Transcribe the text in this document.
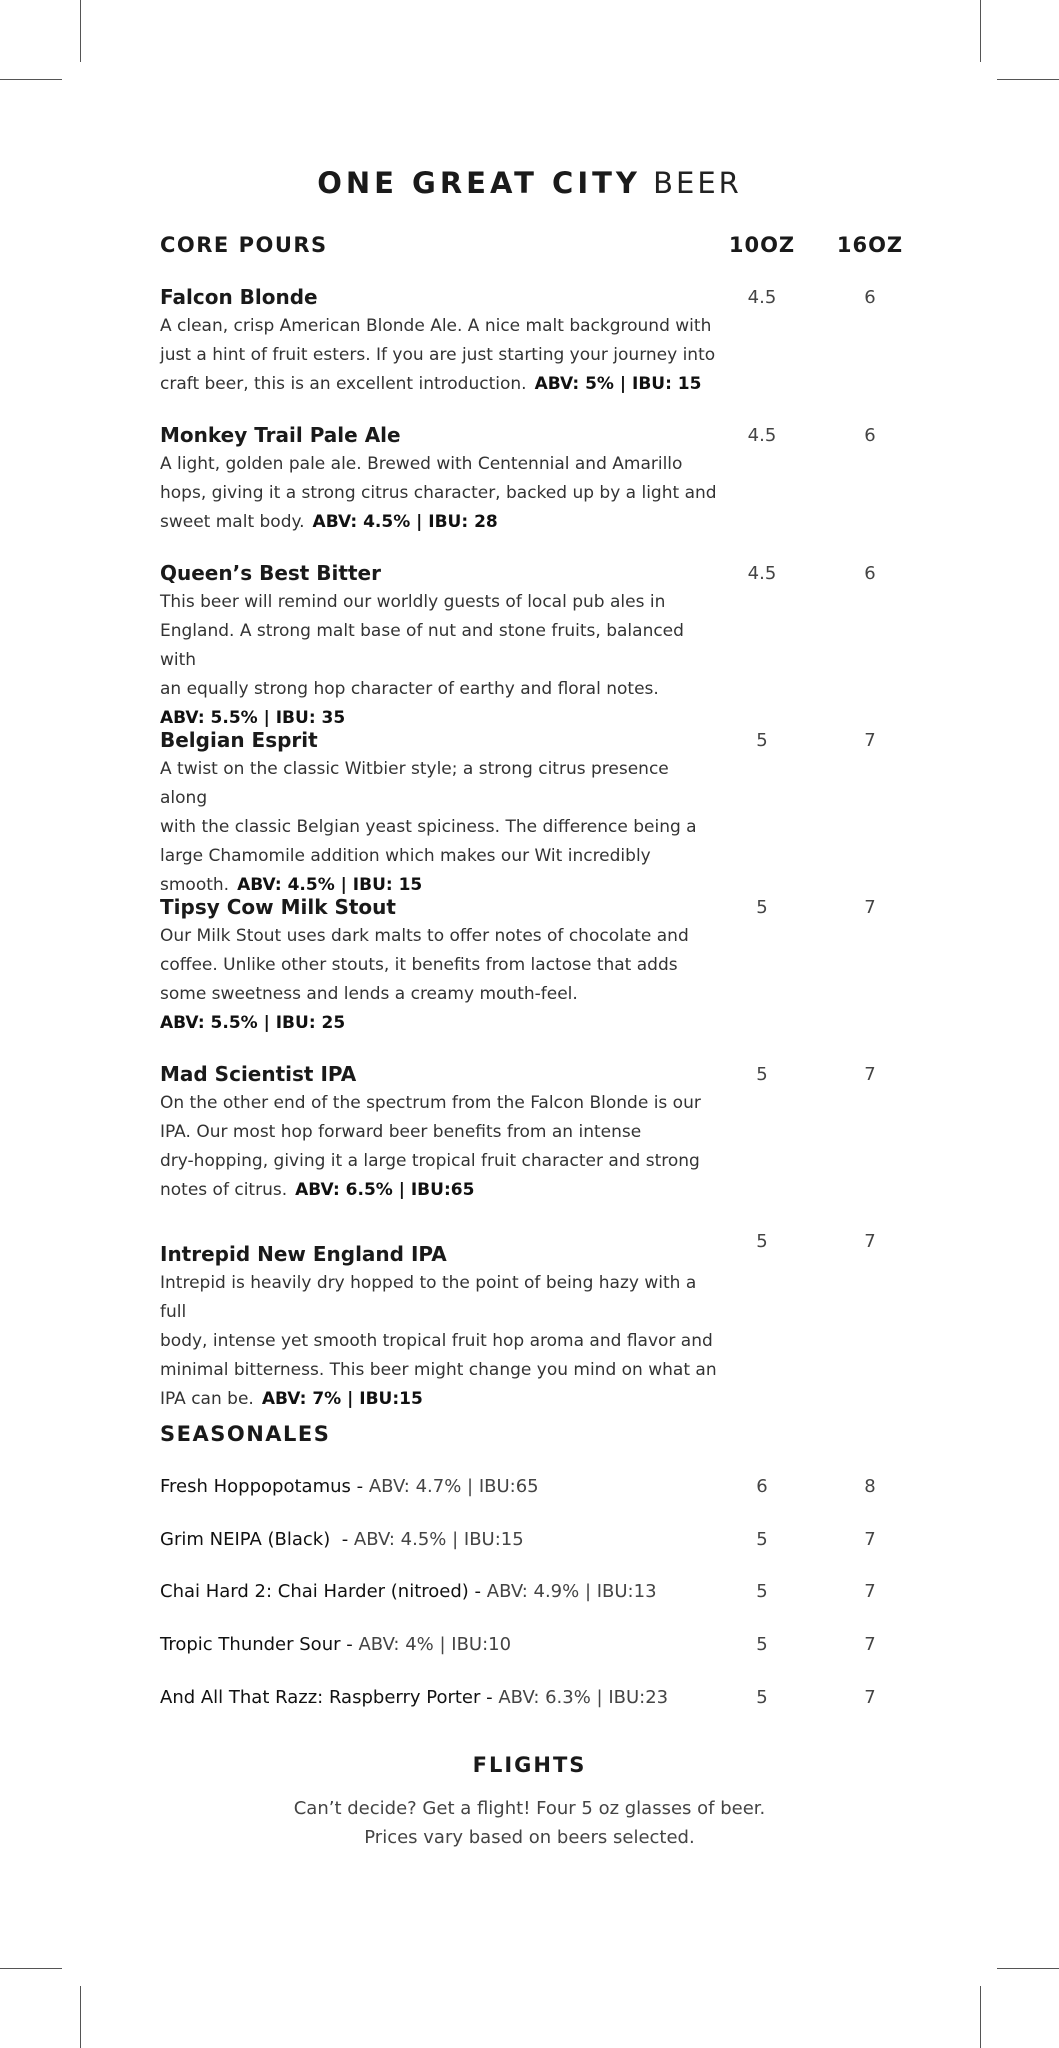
ONE GREAT CITY BEER
CORE POURS	10OZ	16OZ
Falcon Blonde
A clean, crisp American Blonde Ale. A nice malt background with
just a hint of fruit esters. If you are just starting your journey into
craft beer, this is an excellent introduction. ABV: 5% | IBU: 15
4.5	6
Monkey Trail Pale Ale
A light, golden pale ale. Brewed with Centennial and Amarillo
hops, giving it a strong citrus character, backed up by a light and
sweet malt body. ABV: 4.5% | IBU: 28
4.5	6
Queen’s Best Bitter
This beer will remind our worldly guests of local pub ales in
England. A strong malt base of nut and stone fruits, balanced with
an equally strong hop character of earthy and floral notes.
ABV: 5.5% | IBU: 35
4.5	6
Belgian Esprit
A twist on the classic Witbier style; a strong citrus presence along
with the classic Belgian yeast spiciness. The difference being a
large Chamomile addition which makes our Wit incredibly
smooth. ABV: 4.5% | IBU: 15
5	7
Tipsy Cow Milk Stout
Our Milk Stout uses dark malts to offer notes of chocolate and
coffee. Unlike other stouts, it benefits from lactose that adds
some sweetness and lends a creamy mouth-feel.
ABV: 5.5% | IBU: 25
5	7
Mad Scientist IPA
On the other end of the spectrum from the Falcon Blonde is our
IPA. Our most hop forward beer benefits from an intense
dry-hopping, giving it a large tropical fruit character and strong
notes of citrus. ABV: 6.5% | IBU:65
5	7
Intrepid New England IPA
Intrepid is heavily dry hopped to the point of being hazy with a full
body, intense yet smooth tropical fruit hop aroma and flavor and
minimal bitterness. This beer might change you mind on what an
IPA can be. ABV: 7% | IBU:15
5	7
SEASONALES
Fresh Hoppopotamus - ABV: 4.7% | IBU:65	6	8
Grim NEIPA (Black)  - ABV: 4.5% | IBU:15	5	7
Chai Hard 2: Chai Harder (nitroed) - ABV: 4.9% | IBU:13	5	7
Tropic Thunder Sour - ABV: 4% | IBU:10	5	7
And All That Razz: Raspberry Porter - ABV: 6.3% | IBU:23	5	7
FLIGHTS
Can’t decide? Get a flight! Four 5 oz glasses of beer.
Prices vary based on beers selected.
